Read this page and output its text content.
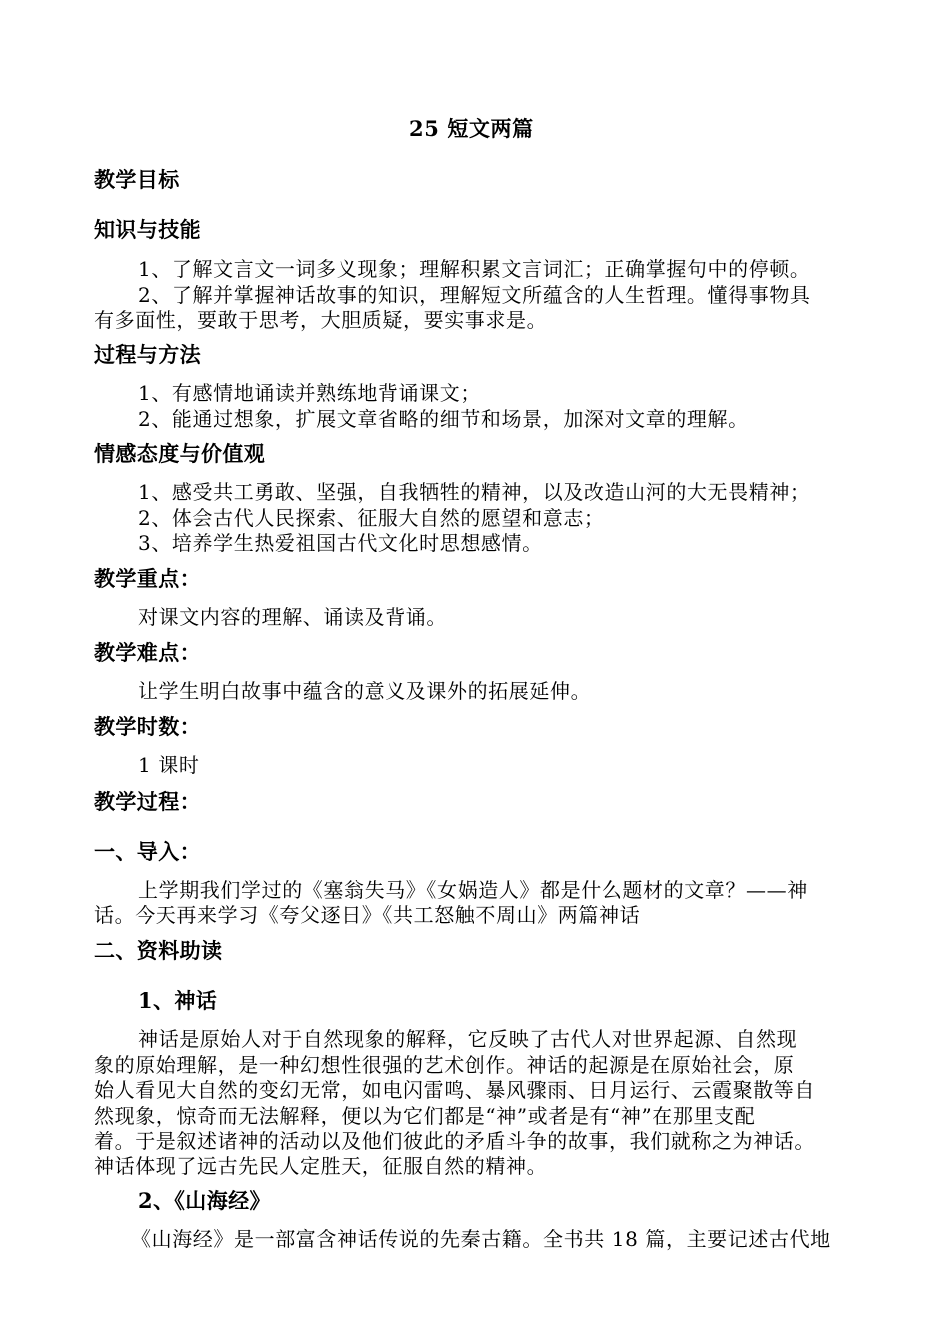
25 短文两篇
教学目标
知识与技能
1、了解文言文一词多义现象；理解积累文言词汇；正确掌握句中的停顿。
2、了解并掌握神话故事的知识，理解短文所蕴含的人生哲理。懂得事物具
有多面性，要敢于思考，大胆质疑，要实事求是。
过程与方法
1、有感情地诵读并熟练地背诵课文；
2、能通过想象，扩展文章省略的细节和场景，加深对文章的理解。
情感态度与价值观
1、感受共工勇敢、坚强，自我牺牲的精神，以及改造山河的大无畏精神；
2、体会古代人民探索、征服大自然的愿望和意志；
3、培养学生热爱祖国古代文化时思想感情。
教学重点：
对课文内容的理解、诵读及背诵。
教学难点：
让学生明白故事中蕴含的意义及课外的拓展延伸。
教学时数：
1 课时
教学过程：
一、导入：
上学期我们学过的《塞翁失马》《女娲造人》都是什么题材的文章？——神
话。今天再来学习《夸父逐日》《共工怒触不周山》两篇神话
二、资料助读
1、神话
神话是原始人对于自然现象的解释，它反映了古代人对世界起源、自然现
象的原始理解，是一种幻想性很强的艺术创作。神话的起源是在原始社会，原
始人看见大自然的变幻无常，如电闪雷鸣、暴风骤雨、日月运行、云霞聚散等自
然现象，惊奇而无法解释，便以为它们都是“神”或者是有“神”在那里支配
着。于是叙述诸神的活动以及他们彼此的矛盾斗争的故事，我们就称之为神话。
神话体现了远古先民人定胜天，征服自然的精神。
2、《山海经》
《山海经》是一部富含神话传说的先秦古籍。全书共 18 篇，主要记述古代地
